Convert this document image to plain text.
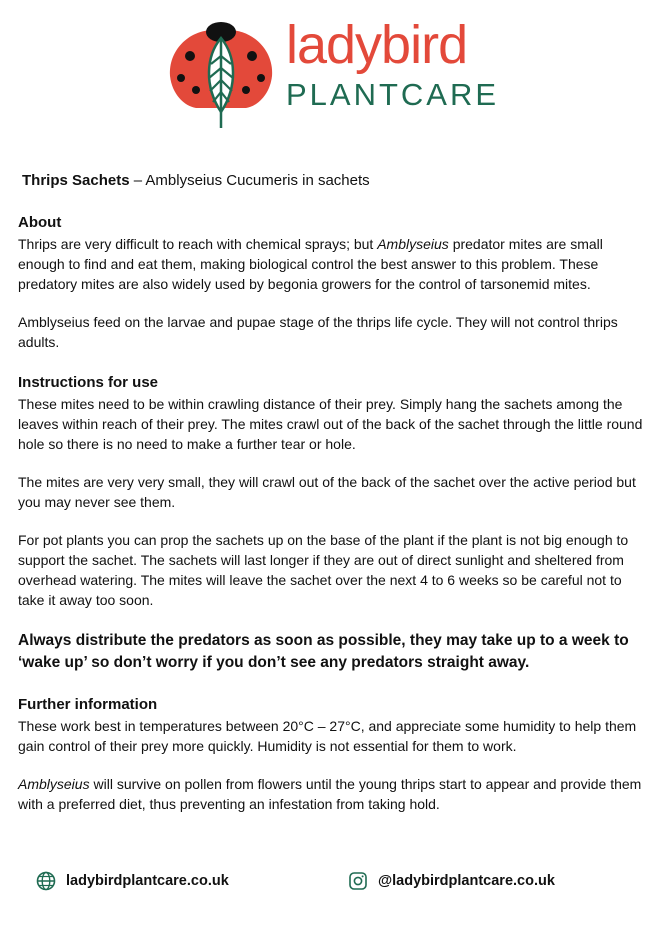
ladybird
PLANTCARE

Thrips Sachets – Amblyseius Cucumeris in sachets

About

Thrips are very difficult to reach with chemical sprays; but Amblyseius predator mites are small enough to find and eat them, making biological control the best answer to this problem. These predatory mites are also widely used by begonia growers for the control of tarsonemid mites.

Amblyseius feed on the larvae and pupae stage of the thrips life cycle. They will not control thrips adults.

Instructions for use

These mites need to be within crawling distance of their prey. Simply hang the sachets among the leaves within reach of their prey. The mites crawl out of the back of the sachet through the little round hole so there is no need to make a further tear or hole.

The mites are very very small, they will crawl out of the back of the sachet over the active period but you may never see them.

For pot plants you can prop the sachets up on the base of the plant if the plant is not big enough to support the sachet. The sachets will last longer if they are out of direct sunlight and sheltered from overhead watering. The mites will leave the sachet over the next 4 to 6 weeks so be careful not to take it away too soon.

Always distribute the predators as soon as possible, they may take up to a week to ‘wake up’ so don’t worry if you don’t see any predators straight away.

Further information

These work best in temperatures between 20°C – 27°C, and appreciate some humidity to help them gain control of their prey more quickly. Humidity is not essential for them to work.

Amblyseius will survive on pollen from flowers until the young thrips start to appear and provide them with a preferred diet, thus preventing an infestation from taking hold.

ladybirdplantcare.co.uk	@ladybirdplantcare.co.uk
